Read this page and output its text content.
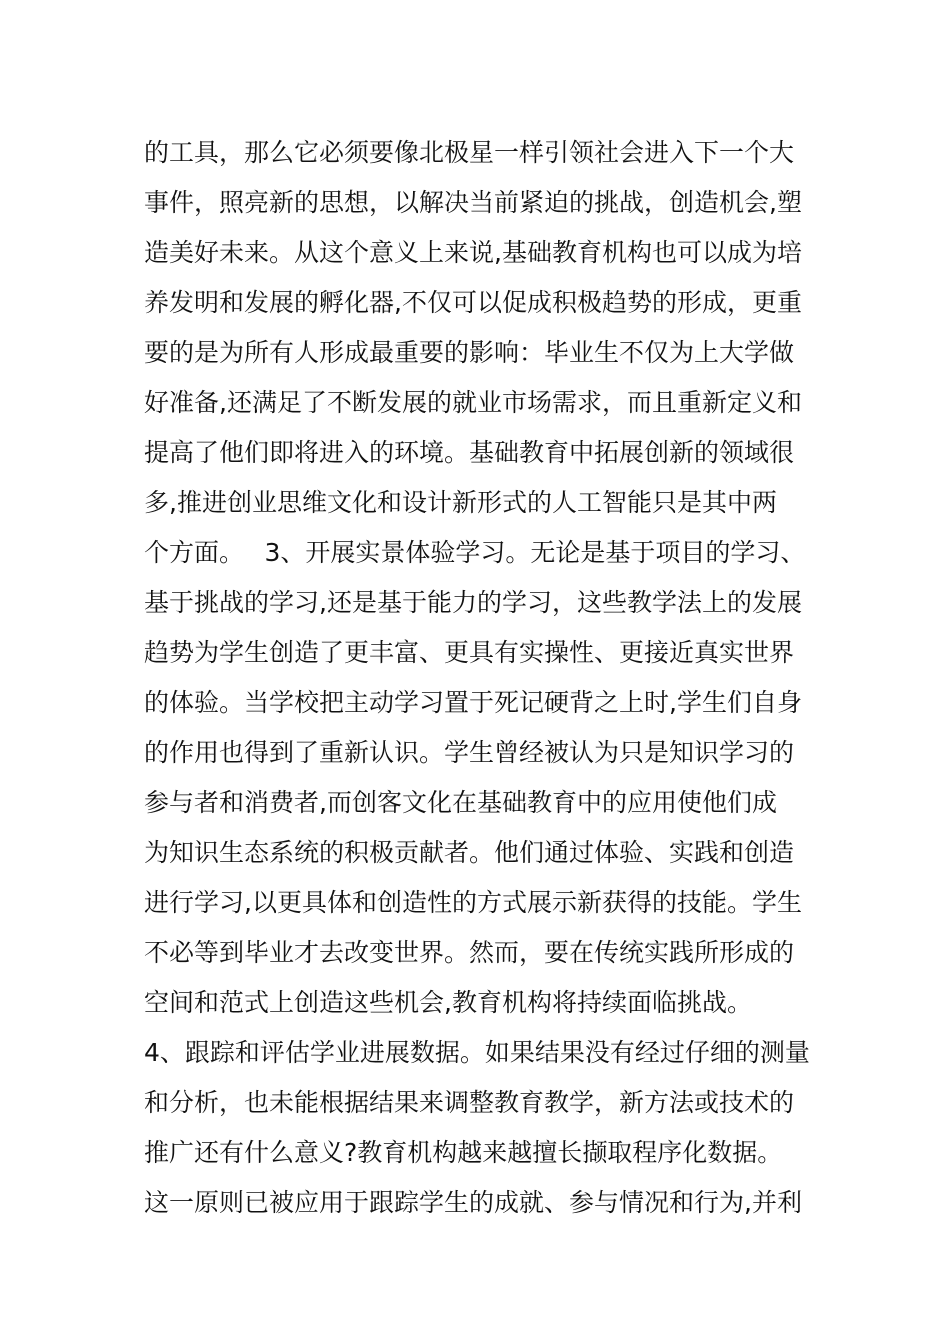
的工具，那么它必须要像北极星一样引领社会进入下一个大
事件，照亮新的思想，以解决当前紧迫的挑战，创造机会,塑
造美好未来。从这个意义上来说,基础教育机构也可以成为培
养发明和发展的孵化器,不仅可以促成积极趋势的形成，更重
要的是为所有人形成最重要的影响：毕业生不仅为上大学做
好准备,还满足了不断发展的就业市场需求，而且重新定义和
提高了他们即将进入的环境。基础教育中拓展创新的领域很
多,推进创业思维文化和设计新形式的人工智能只是其中两
个方面。　 3、开展实景体验学习。无论是基于项目的学习、
基于挑战的学习,还是基于能力的学习，这些教学法上的发展
趋势为学生创造了更丰富、更具有实操性、更接近真实世界
的体验。当学校把主动学习置于死记硬背之上时,学生们自身
的作用也得到了重新认识。学生曾经被认为只是知识学习的
参与者和消费者,而创客文化在基础教育中的应用使他们成
为知识生态系统的积极贡献者。他们通过体验、实践和创造
进行学习,以更具体和创造性的方式展示新获得的技能。学生
不必等到毕业才去改变世界。然而，要在传统实践所形成的
空间和范式上创造这些机会,教育机构将持续面临挑战。
4、跟踪和评估学业进展数据。如果结果没有经过仔细的测量
和分析，也未能根据结果来调整教育教学，新方法或技术的
推广还有什么意义?教育机构越来越擅长撷取程序化数据。
这一原则已被应用于跟踪学生的成就、参与情况和行为,并利
